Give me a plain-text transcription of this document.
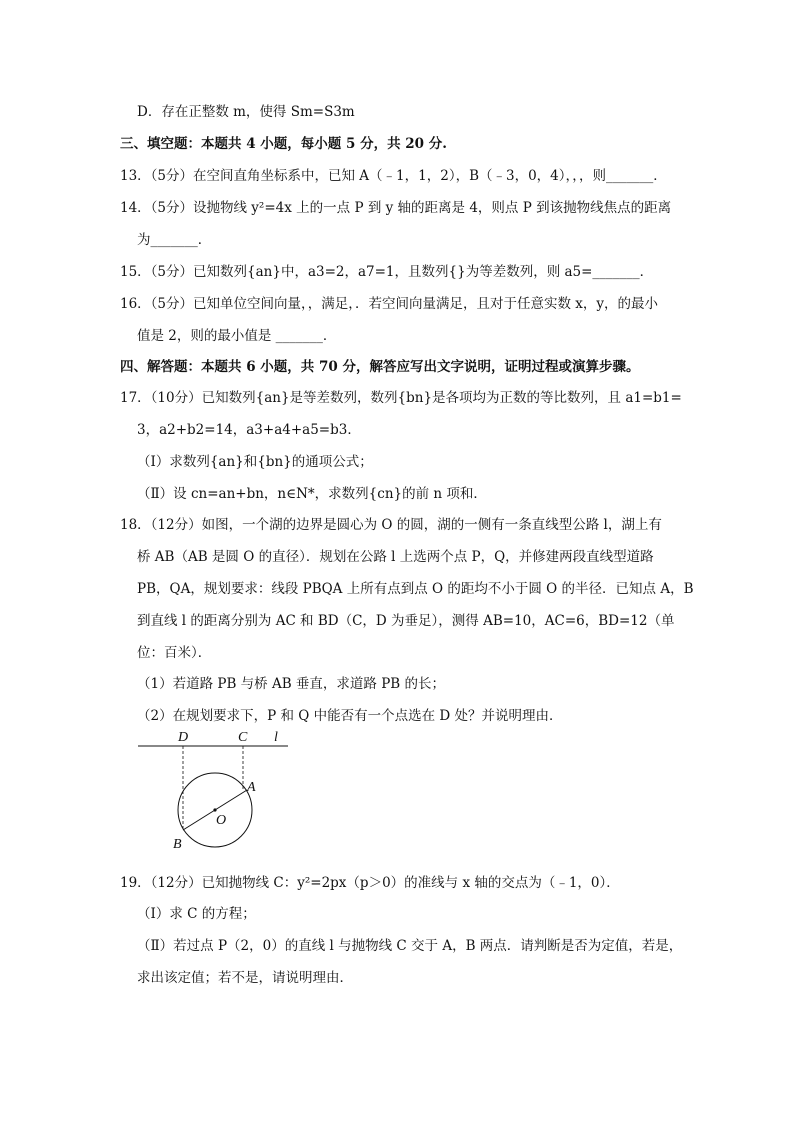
D．存在正整数 m，使得 Sm=S3m
三、填空题：本题共 4 小题，每小题 5 分，共 20 分.
13．（5分）在空间直角坐标系中，已知 A（﹣1，1，2），B（﹣3，0，4），，，则_______．
14．（5分）设抛物线 y²=4x 上的一点 P 到 y 轴的距离是 4，则点 P 到该抛物线焦点的距离
为_______．
15．（5分）已知数列{an}中，a3=2，a7=1，且数列{}为等差数列，则 a5=_______．
16．（5分）已知单位空间向量，，满足，．若空间向量满足，且对于任意实数 x，y，的最小
值是 2，则的最小值是 _______．
四、解答题：本题共 6 小题，共 70 分，解答应写出文字说明，证明过程或演算步骤。
17．（10分）已知数列{an}是等差数列，数列{bn}是各项均为正数的等比数列，且 a1=b1=
3，a2+b2=14，a3+a4+a5=b3．
（Ⅰ）求数列{an}和{bn}的通项公式；
（Ⅱ）设 cn=an+bn，n∈N*，求数列{cn}的前 n 项和．
18．（12分）如图，一个湖的边界是圆心为 O 的圆，湖的一侧有一条直线型公路 l，湖上有
桥 AB（AB 是圆 O 的直径）．规划在公路 l 上选两个点 P，Q，并修建两段直线型道路
PB，QA，规划要求：线段 PBQA 上所有点到点 O 的距均不小于圆 O 的半径．已知点 A，B
到直线 l 的距离分别为 AC 和 BD（C，D 为垂足），测得 AB=10，AC=6，BD=12（单
位：百米）．
（1）若道路 PB 与桥 AB 垂直，求道路 PB 的长；
（2）在规划要求下，P 和 Q 中能否有一个点选在 D 处？并说明理由．
D	C l
A
O
B
19．（12分）已知抛物线 C：y²=2px（p＞0）的准线与 x 轴的交点为（﹣1，0）．
（Ⅰ）求 C 的方程；
（Ⅱ）若过点 P（2，0）的直线 l 与抛物线 C 交于 A，B 两点．请判断是否为定值，若是，
求出该定值；若不是，请说明理由．
